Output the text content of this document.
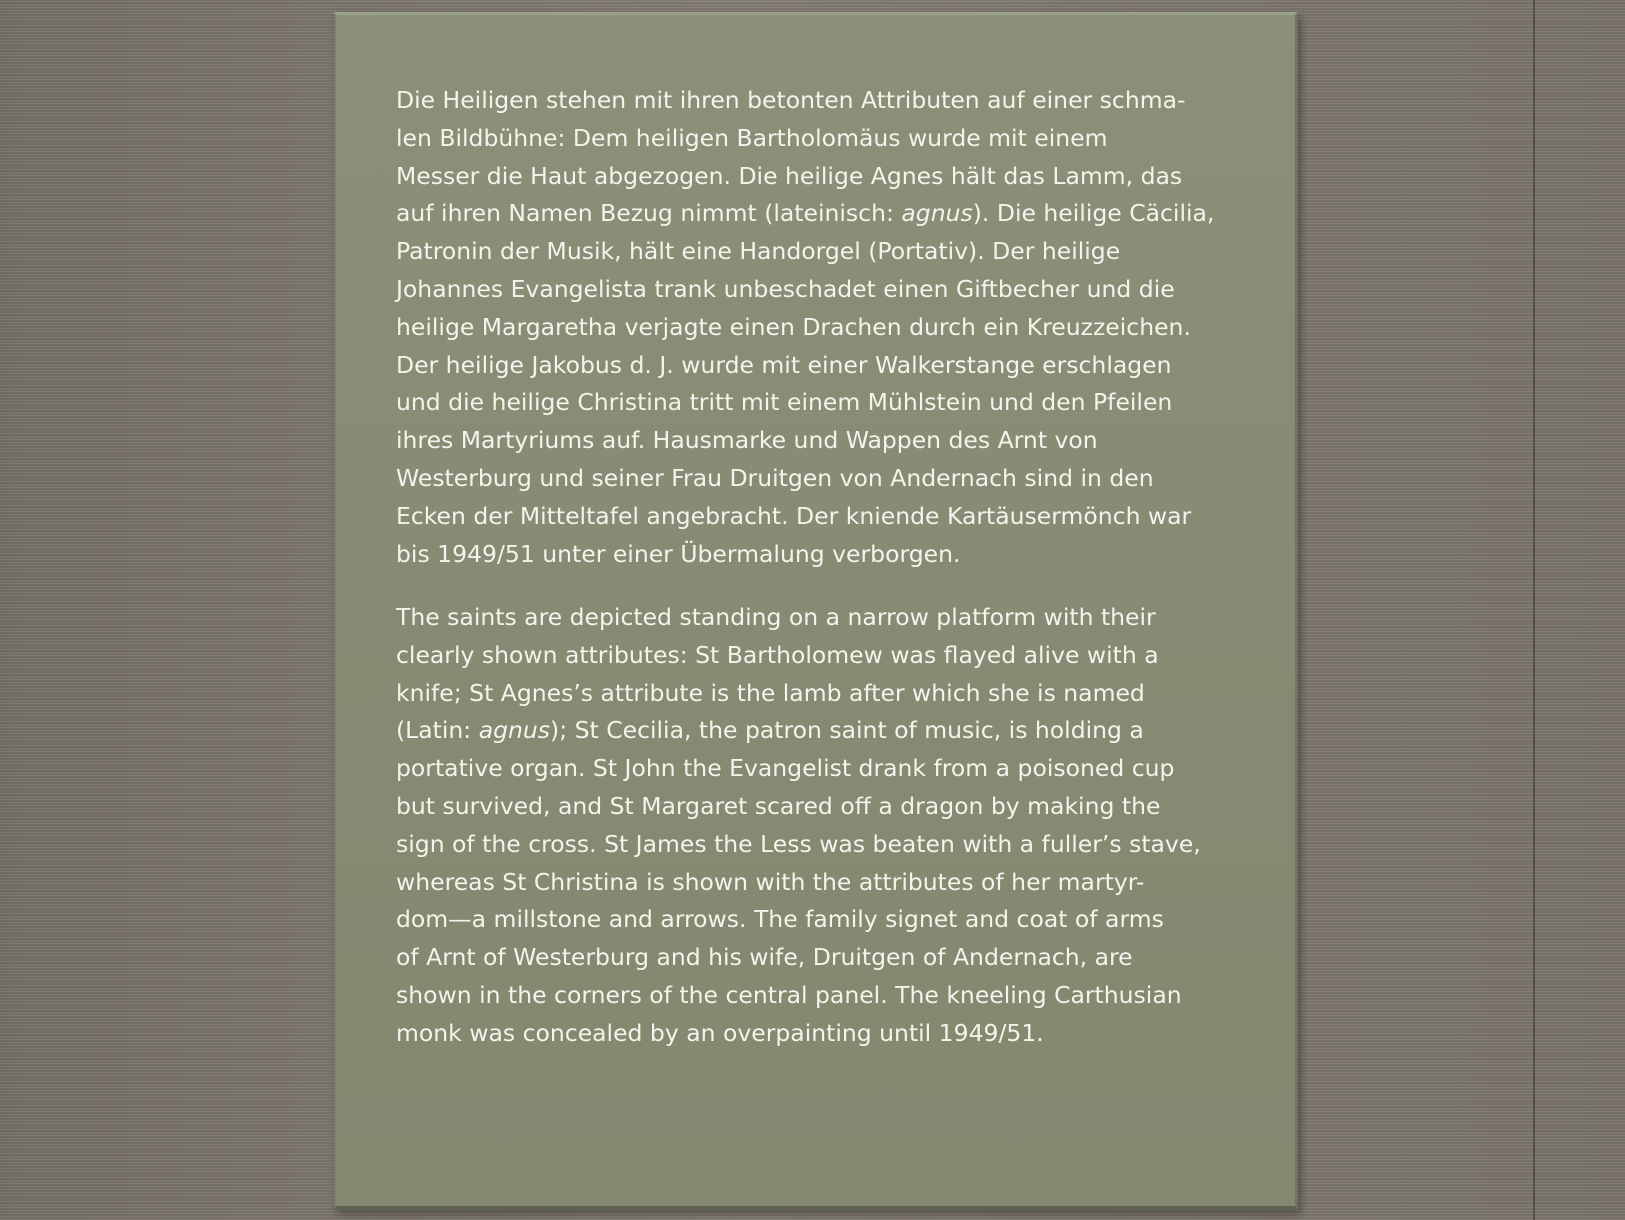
Die Heiligen stehen mit ihren betonten Attributen auf einer schma-
len Bildbühne: Dem heiligen Bartholomäus wurde mit einem
Messer die Haut abgezogen. Die heilige Agnes hält das Lamm, das
auf ihren Namen Bezug nimmt (lateinisch: agnus). Die heilige Cäcilia,
Patronin der Musik, hält eine Handorgel (Portativ). Der heilige
Johannes Evangelista trank unbeschadet einen Giftbecher und die
heilige Margaretha verjagte einen Drachen durch ein Kreuzzeichen.
Der heilige Jakobus d. J. wurde mit einer Walkerstange erschlagen
und die heilige Christina tritt mit einem Mühlstein und den Pfeilen
ihres Martyriums auf. Hausmarke und Wappen des Arnt von
Westerburg und seiner Frau Druitgen von Andernach sind in den
Ecken der Mitteltafel angebracht. Der kniende Kartäusermönch war
bis 1949/51 unter einer Übermalung verborgen.
The saints are depicted standing on a narrow platform with their
clearly shown attributes: St Bartholomew was flayed alive with a
knife; St Agnes’s attribute is the lamb after which she is named
(Latin: agnus); St Cecilia, the patron saint of music, is holding a
portative organ. St John the Evangelist drank from a poisoned cup
but survived, and St Margaret scared off a dragon by making the
sign of the cross. St James the Less was beaten with a fuller’s stave,
whereas St Christina is shown with the attributes of her martyr-
dom—a millstone and arrows. The family signet and coat of arms
of Arnt of Westerburg and his wife, Druitgen of Andernach, are
shown in the corners of the central panel. The kneeling Carthusian
monk was concealed by an overpainting until 1949/51.
